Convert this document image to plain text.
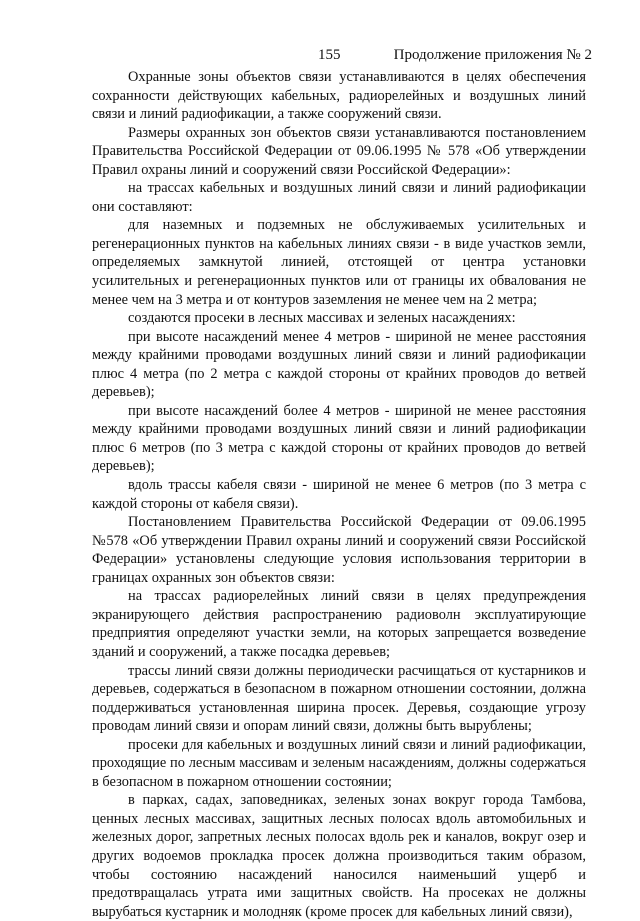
155	Продолжение приложения № 2

Охранные зоны объектов связи устанавливаются в целях обеспечения сохранности действующих кабельных, радиорелейных и воздушных линий связи и линий радиофикации, а также сооружений связи.

Размеры охранных зон объектов связи устанавливаются постановлением Правительства Российской Федерации от 09.06.1995 № 578 «Об утверждении Правил охраны линий и сооружений связи Российской Федерации»:

на трассах кабельных и воздушных линий связи и линий радиофикации они составляют:

для наземных и подземных не обслуживаемых усилительных и регенерационных пунктов на кабельных линиях связи - в виде участков земли, определяемых замкнутой линией, отстоящей от центра установки усилительных и регенерационных пунктов или от границы их обвалования не менее чем на 3 метра и от контуров заземления не менее чем на 2 метра;

создаются просеки в лесных массивах и зеленых насаждениях:

при высоте насаждений менее 4 метров - шириной не менее расстояния между крайними проводами воздушных линий связи и линий радиофикации плюс 4 метра (по 2 метра с каждой стороны от крайних проводов до ветвей деревьев);

при высоте насаждений более 4 метров - шириной не менее расстояния между крайними проводами воздушных линий связи и линий радиофикации плюс 6 метров (по 3 метра с каждой стороны от крайних проводов до ветвей деревьев);

вдоль трассы кабеля связи - шириной не менее 6 метров (по 3 метра с каждой стороны от кабеля связи).

Постановлением Правительства Российской Федерации от 09.06.1995 №578 «Об утверждении Правил охраны линий и сооружений связи Российской Федерации» установлены следующие условия использования территории в границах охранных зон объектов связи:

на трассах радиорелейных линий связи в целях предупреждения экранирующего действия распространению радиоволн эксплуатирующие предприятия определяют участки земли, на которых запрещается возведение зданий и сооружений, а также посадка деревьев;

трассы линий связи должны периодически расчищаться от кустарников и деревьев, содержаться в безопасном в пожарном отношении состоянии, должна поддерживаться установленная ширина просек. Деревья, создающие угрозу проводам линий связи и опорам линий связи, должны быть вырублены;

просеки для кабельных и воздушных линий связи и линий радиофикации, проходящие по лесным массивам и зеленым насаждениям, должны содержаться в безопасном в пожарном отношении состоянии;

в парках, садах, заповедниках, зеленых зонах вокруг города Тамбова, ценных лесных массивах, защитных лесных полосах вдоль автомобильных и железных дорог, запретных лесных полосах вдоль рек и каналов, вокруг озер и других водоемов прокладка просек должна производиться таким образом, чтобы состоянию насаждений наносился наименьший ущерб и предотвращалась утрата ими защитных свойств. На просеках не должны вырубаться кустарник и молодняк (кроме просек для кабельных линий связи),
